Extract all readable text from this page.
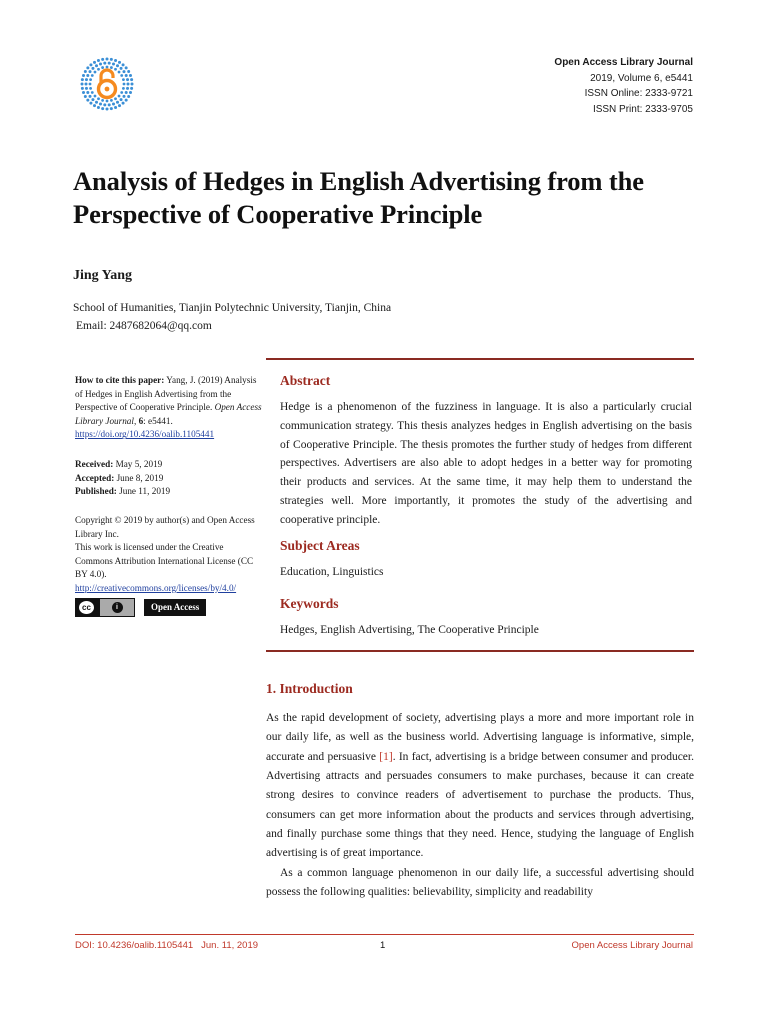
Open Access Library Journal
2019, Volume 6, e5441
ISSN Online: 2333-9721
ISSN Print: 2333-9705
Analysis of Hedges in English Advertising from the Perspective of Cooperative Principle
Jing Yang
School of Humanities, Tianjin Polytechnic University, Tianjin, China
Email: 2487682064@qq.com
How to cite this paper: Yang, J. (2019) Analysis of Hedges in English Advertising from the Perspective of Cooperative Principle. Open Access Library Journal, 6: e5441.
https://doi.org/10.4236/oalib.1105441
Received: May 5, 2019
Accepted: June 8, 2019
Published: June 11, 2019
Copyright © 2019 by author(s) and Open Access Library Inc.
This work is licensed under the Creative Commons Attribution International License (CC BY 4.0).
http://creativecommons.org/licenses/by/4.0/
cc	i	Open Access
Abstract
Hedge is a phenomenon of the fuzziness in language. It is also a particularly crucial communication strategy. This thesis analyzes hedges in English advertising on the basis of Cooperative Principle. The thesis promotes the further study of hedges from different perspectives. Advertisers are also able to adopt hedges in a better way for promoting their products and services. At the same time, it may help them to understand the strategies well. More importantly, it promotes the study of the advertising and cooperative principle.
Subject Areas
Education, Linguistics
Keywords
Hedges, English Advertising, The Cooperative Principle
1. Introduction

As the rapid development of society, advertising plays a more and more important role in our daily life, as well as the business world. Advertising language is informative, simple, accurate and persuasive [1]. In fact, advertising is a bridge between consumer and producer. Advertising attracts and persuades consumers to make purchases, because it can create strong desires to convince readers of advertisement to purchase the products. Thus, consumers can get more information about the products and services through advertising, and finally purchase some things that they need. Hence, studying the language of English advertising is of great importance.

As a common language phenomenon in our daily life, a successful advertising should possess the following qualities: believability, simplicity and readability

DOI: 10.4236/oalib.1105441 Jun. 11, 2019	1	Open Access Library Journal
